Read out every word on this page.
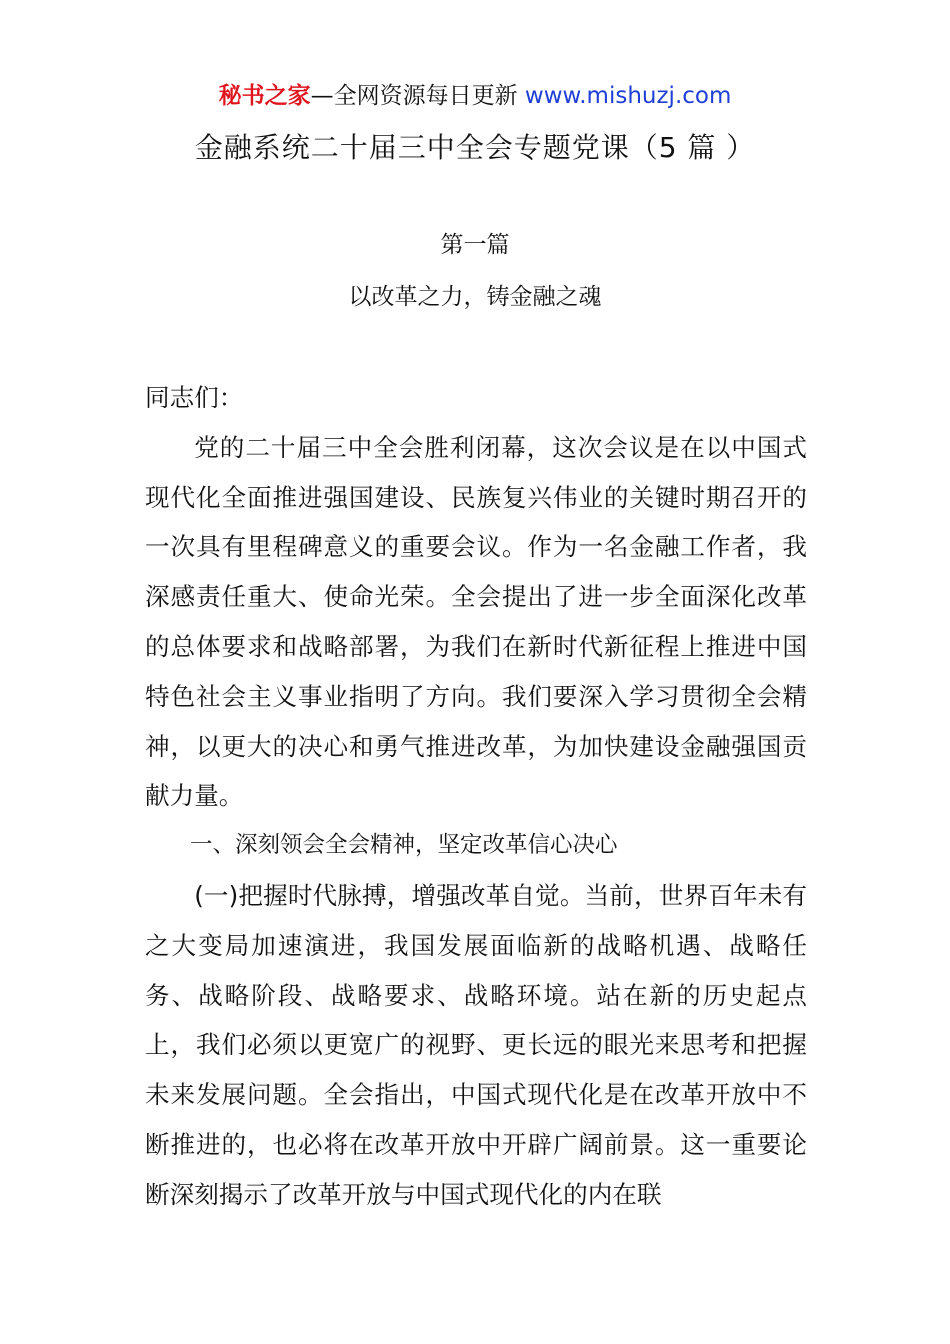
秘书之家—全网资源每日更新 www.mishuzj.com
金融系统二十届三中全会专题党课（5 篇 ）
第一篇
以改革之力，铸金融之魂

同志们：

党的二十届三中全会胜利闭幕，这次会议是在以中国式现代化全面推进强国建设、民族复兴伟业的关键时期召开的一次具有里程碑意义的重要会议。作为一名金融工作者，我深感责任重大、使命光荣。全会提出了进一步全面深化改革的总体要求和战略部署，为我们在新时代新征程上推进中国特色社会主义事业指明了方向。我们要深入学习贯彻全会精神，以更大的决心和勇气推进改革，为加快建设金融强国贡献力量。

一、深刻领会全会精神，坚定改革信心决心

(一)把握时代脉搏，增强改革自觉。当前，世界百年未有之大变局加速演进，我国发展面临新的战略机遇、战略任务、战略阶段、战略要求、战略环境。站在新的历史起点上，我们必须以更宽广的视野、更长远的眼光来思考和把握未来发展问题。全会指出，中国式现代化是在改革开放中不断推进的，也必将在改革开放中开辟广阔前景。这一重要论断深刻揭示了改革开放与中国式现代化的内在联
